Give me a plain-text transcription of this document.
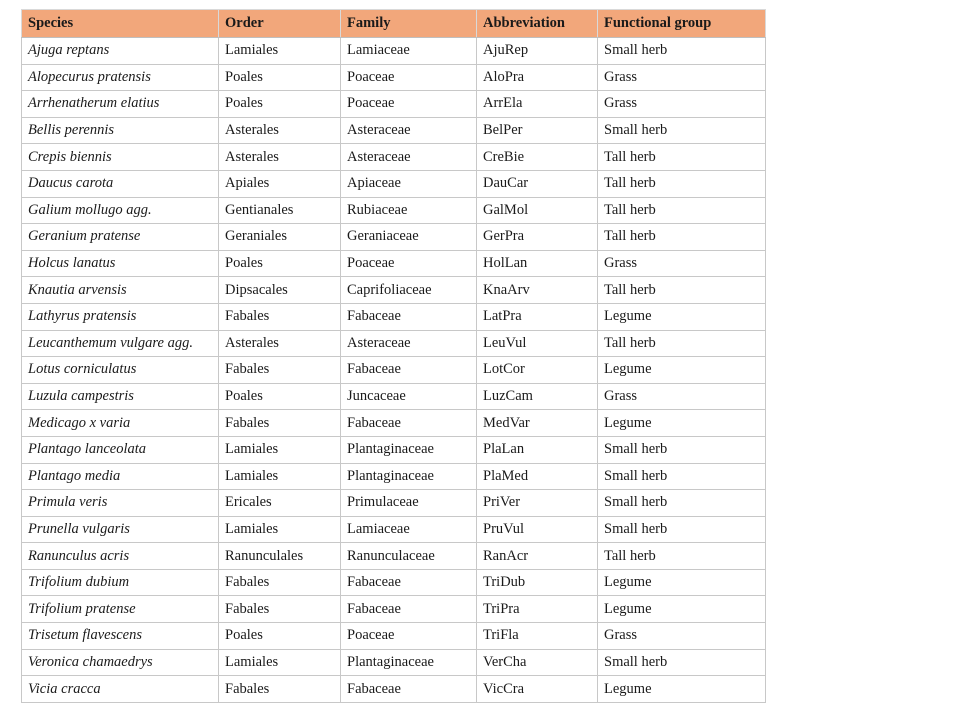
Species	Order	Family	Abbreviation	Functional group
Ajuga reptans	Lamiales	Lamiaceae	AjuRep	Small herb
Alopecurus pratensis	Poales	Poaceae	AloPra	Grass
Arrhenatherum elatius	Poales	Poaceae	ArrEla	Grass
Bellis perennis	Asterales	Asteraceae	BelPer	Small herb
Crepis biennis	Asterales	Asteraceae	CreBie	Tall herb
Daucus carota	Apiales	Apiaceae	DauCar	Tall herb
Galium mollugo agg.	Gentianales	Rubiaceae	GalMol	Tall herb
Geranium pratense	Geraniales	Geraniaceae	GerPra	Tall herb
Holcus lanatus	Poales	Poaceae	HolLan	Grass
Knautia arvensis	Dipsacales	Caprifoliaceae	KnaArv	Tall herb
Lathyrus pratensis	Fabales	Fabaceae	LatPra	Legume
Leucanthemum vulgare agg.	Asterales	Asteraceae	LeuVul	Tall herb
Lotus corniculatus	Fabales	Fabaceae	LotCor	Legume
Luzula campestris	Poales	Juncaceae	LuzCam	Grass
Medicago x varia	Fabales	Fabaceae	MedVar	Legume
Plantago lanceolata	Lamiales	Plantaginaceae	PlaLan	Small herb
Plantago media	Lamiales	Plantaginaceae	PlaMed	Small herb
Primula veris	Ericales	Primulaceae	PriVer	Small herb
Prunella vulgaris	Lamiales	Lamiaceae	PruVul	Small herb
Ranunculus acris	Ranunculales	Ranunculaceae	RanAcr	Tall herb
Trifolium dubium	Fabales	Fabaceae	TriDub	Legume
Trifolium pratense	Fabales	Fabaceae	TriPra	Legume
Trisetum flavescens	Poales	Poaceae	TriFla	Grass
Veronica chamaedrys	Lamiales	Plantaginaceae	VerCha	Small herb
Vicia cracca	Fabales	Fabaceae	VicCra	Legume
